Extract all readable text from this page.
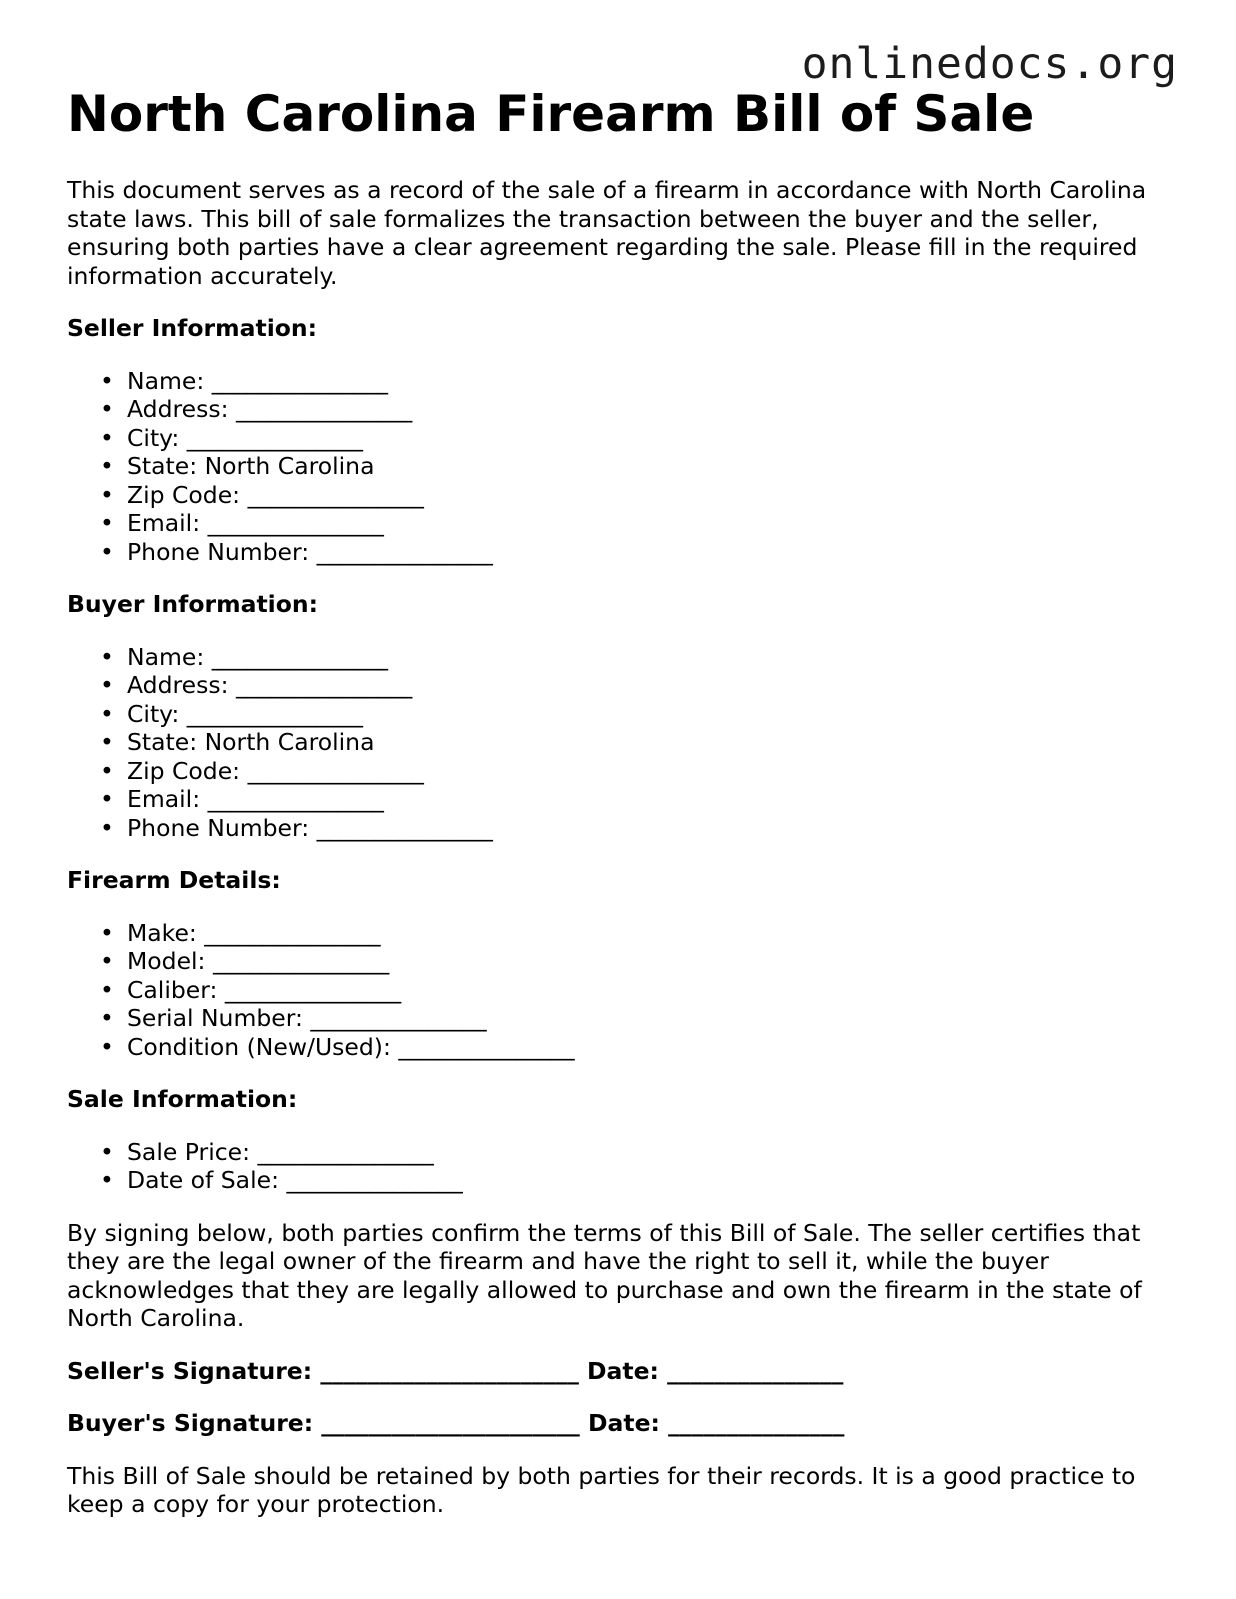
onlinedocs.org
North Carolina Firearm Bill of Sale

This document serves as a record of the sale of a firearm in accordance with North Carolina state laws. This bill of sale formalizes the transaction between the buyer and the seller, ensuring both parties have a clear agreement regarding the sale. Please fill in the required information accurately.

Seller Information:
• Name: _______________
• Address: _______________
• City: _______________
• State: North Carolina
• Zip Code: _______________
• Email: _______________
• Phone Number: _______________
Buyer Information:
• Name: _______________
• Address: _______________
• City: _______________
• State: North Carolina
• Zip Code: _______________
• Email: _______________
• Phone Number: _______________
Firearm Details:
• Make: _______________
• Model: _______________
• Caliber: _______________
• Serial Number: _______________
• Condition (New/Used): _______________
Sale Information:
• Sale Price: _______________
• Date of Sale: _______________

By signing below, both parties confirm the terms of this Bill of Sale. The seller certifies that they are the legal owner of the firearm and have the right to sell it, while the buyer acknowledges that they are legally allowed to purchase and own the firearm in the state of North Carolina.

Seller's Signature: ______________________ Date: _______________
Buyer's Signature: ______________________ Date: _______________

This Bill of Sale should be retained by both parties for their records. It is a good practice to keep a copy for your protection.
